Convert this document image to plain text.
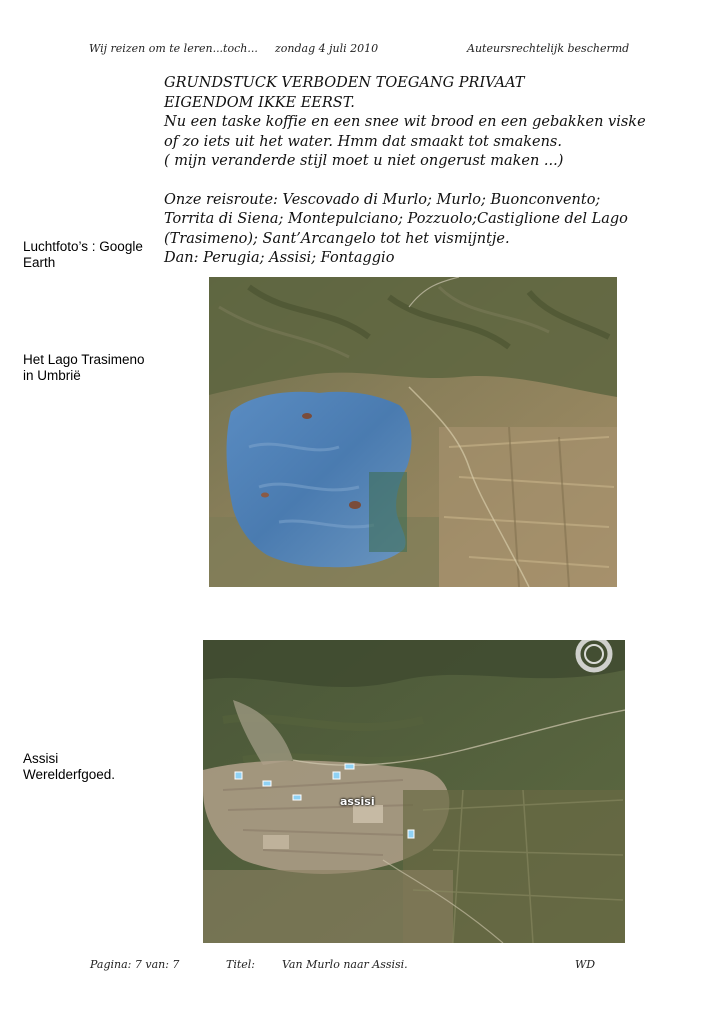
Wij reizen om te leren...toch... zondag 4 juli 2010	Auteursrechtelijk beschermd
GRUNDSTUCK VERBODEN TOEGANG PRIVAAT
EIGENDOM IKKE EERST.
Nu een taske koffie en een snee wit brood en een gebakken viske
of zo iets uit het water. Hmm dat smaakt tot smakens.
( mijn veranderde stijl moet u niet ongerust maken ...)
Onze reisroute: Vescovado di Murlo; Murlo; Buonconvento;
Torrita di Siena; Montepulciano; Pozzuolo;Castiglione del Lago
(Trasimeno); Sant’Arcangelo tot het vismijntje.
Dan: Perugia; Assisi; Fontaggio
Luchtfoto’s : Google
Earth
Het Lago Trasimeno
in Umbrië
Assisi
Werelderfgoed.
assisi
Pagina: 7 van: 7	Titel: Van Murlo naar Assisi.	WD
